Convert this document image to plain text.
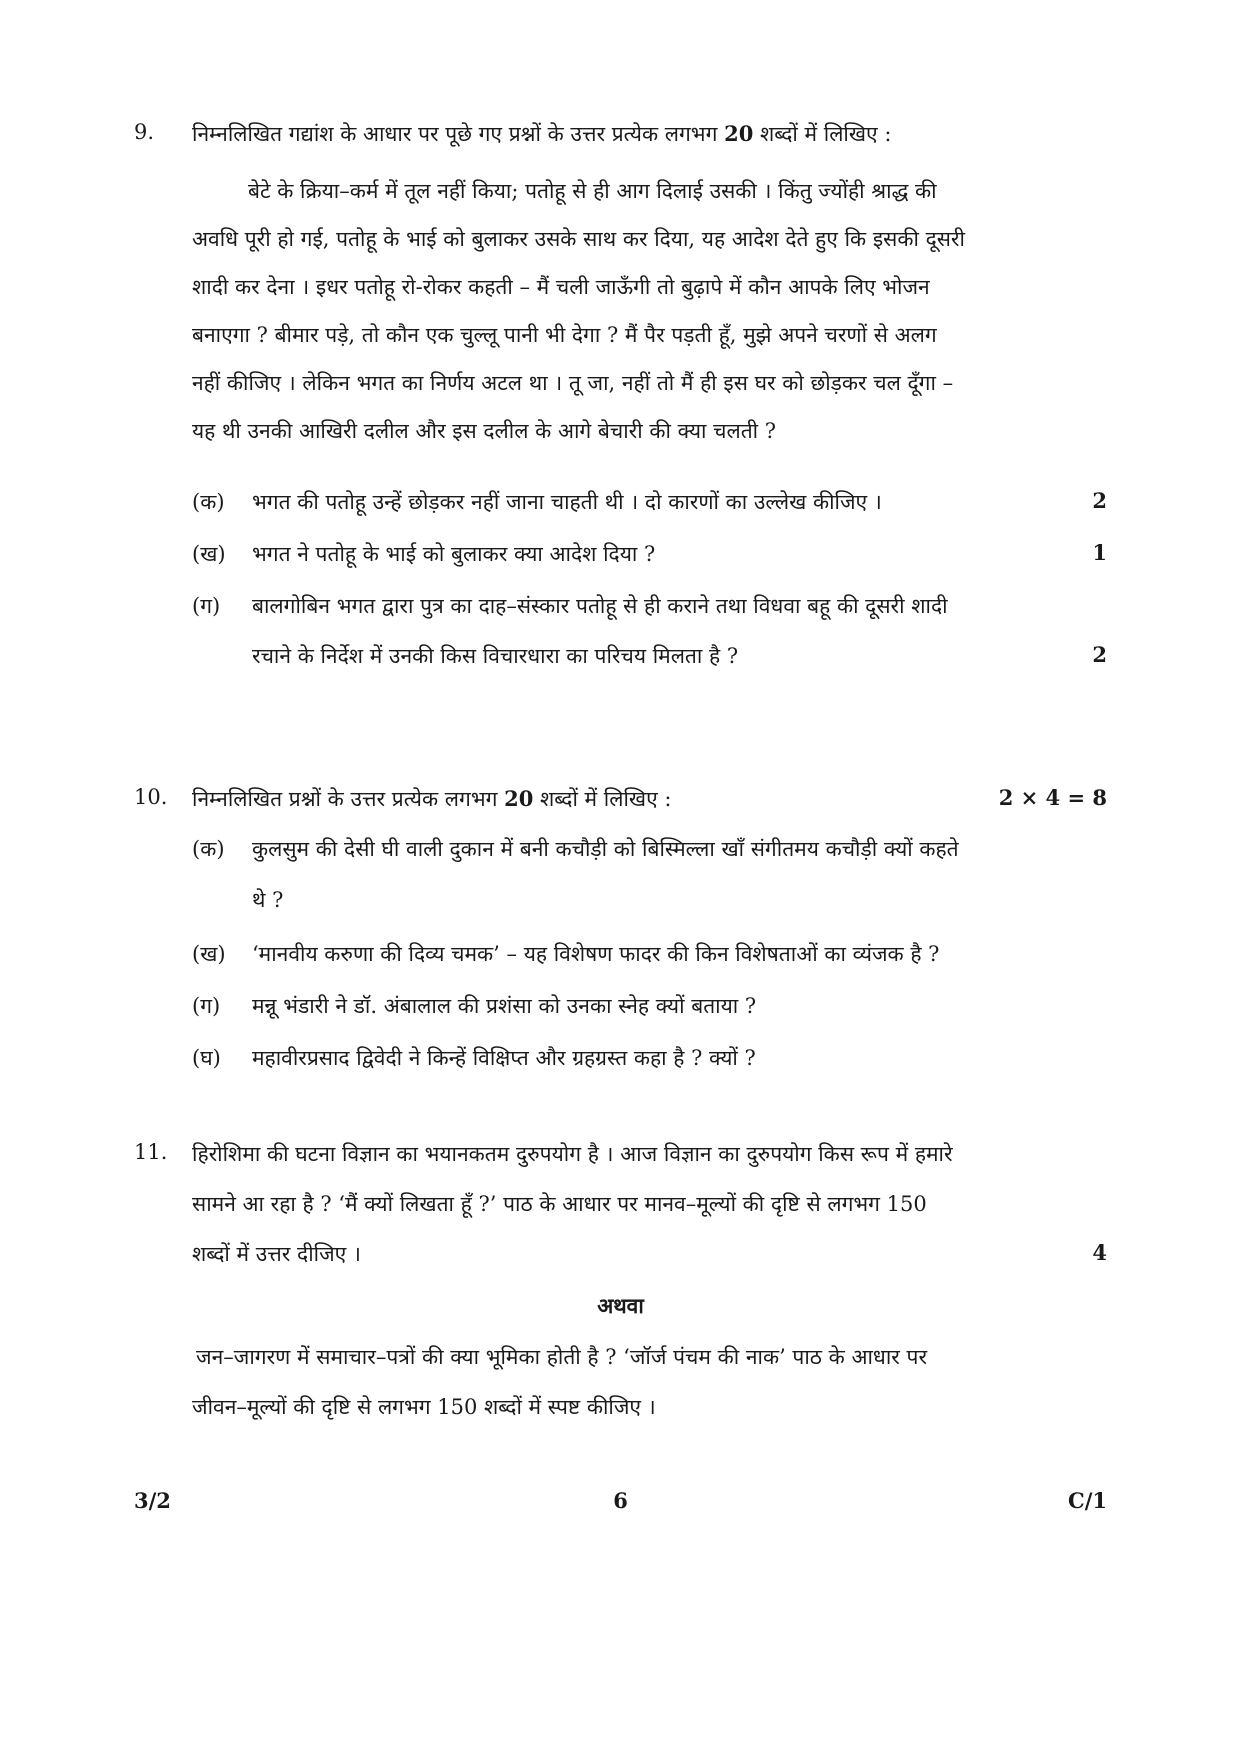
9. निम्नलिखित गद्यांश के आधार पर पूछे गए प्रश्नों के उत्तर प्रत्येक लगभग 20 शब्दों में लिखिए :
बेटे के क्रिया–कर्म में तूल नहीं किया; पतोहू से ही आग दिलाई उसकी । किंतु ज्योंही श्राद्ध की
अवधि पूरी हो गई, पतोहू के भाई को बुलाकर उसके साथ कर दिया, यह आदेश देते हुए कि इसकी दूसरी
शादी कर देना । इधर पतोहू रो-रोकर कहती – मैं चली जाऊँगी तो बुढ़ापे में कौन आपके लिए भोजन
बनाएगा ? बीमार पड़े, तो कौन एक चुल्लू पानी भी देगा ? मैं पैर पड़ती हूँ, मुझे अपने चरणों से अलग
नहीं कीजिए । लेकिन भगत का निर्णय अटल था । तू जा, नहीं तो मैं ही इस घर को छोड़कर चल दूँगा –
यह थी उनकी आखिरी दलील और इस दलील के आगे बेचारी की क्या चलती ?
(क) भगत की पतोहू उन्हें छोड़कर नहीं जाना चाहती थी । दो कारणों का उल्लेख कीजिए ।	2
(ख) भगत ने पतोहू के भाई को बुलाकर क्या आदेश दिया ?	1
(ग) बालगोबिन भगत द्वारा पुत्र का दाह–संस्कार पतोहू से ही कराने तथा विधवा बहू की दूसरी शादी
रचाने के निर्देश में उनकी किस विचारधारा का परिचय मिलता है ?	2
10. निम्नलिखित प्रश्नों के उत्तर प्रत्येक लगभग 20 शब्दों में लिखिए :	2 × 4 = 8
(क) कुलसुम की देसी घी वाली दुकान में बनी कचौड़ी को बिस्मिल्ला खाँ संगीतमय कचौड़ी क्यों कहते
थे ?
(ख) ‘मानवीय करुणा की दिव्य चमक’ – यह विशेषण फादर की किन विशेषताओं का व्यंजक है ?
(ग) मन्नू भंडारी ने डॉ. अंबालाल की प्रशंसा को उनका स्नेह क्यों बताया ?
(घ) महावीरप्रसाद द्विवेदी ने किन्हें विक्षिप्त और ग्रहग्रस्त कहा है ? क्यों ?
11. हिरोशिमा की घटना विज्ञान का भयानकतम दुरुपयोग है । आज विज्ञान का दुरुपयोग किस रूप में हमारे
सामने आ रहा है ? ‘मैं क्यों लिखता हूँ ?’ पाठ के आधार पर मानव–मूल्यों की दृष्टि से लगभग 150
शब्दों में उत्तर दीजिए ।	4
अथवा
जन–जागरण में समाचार–पत्रों की क्या भूमिका होती है ? ‘जॉर्ज पंचम की नाक’ पाठ के आधार पर
जीवन–मूल्यों की दृष्टि से लगभग 150 शब्दों में स्पष्ट कीजिए ।
3/2	6	C/1
